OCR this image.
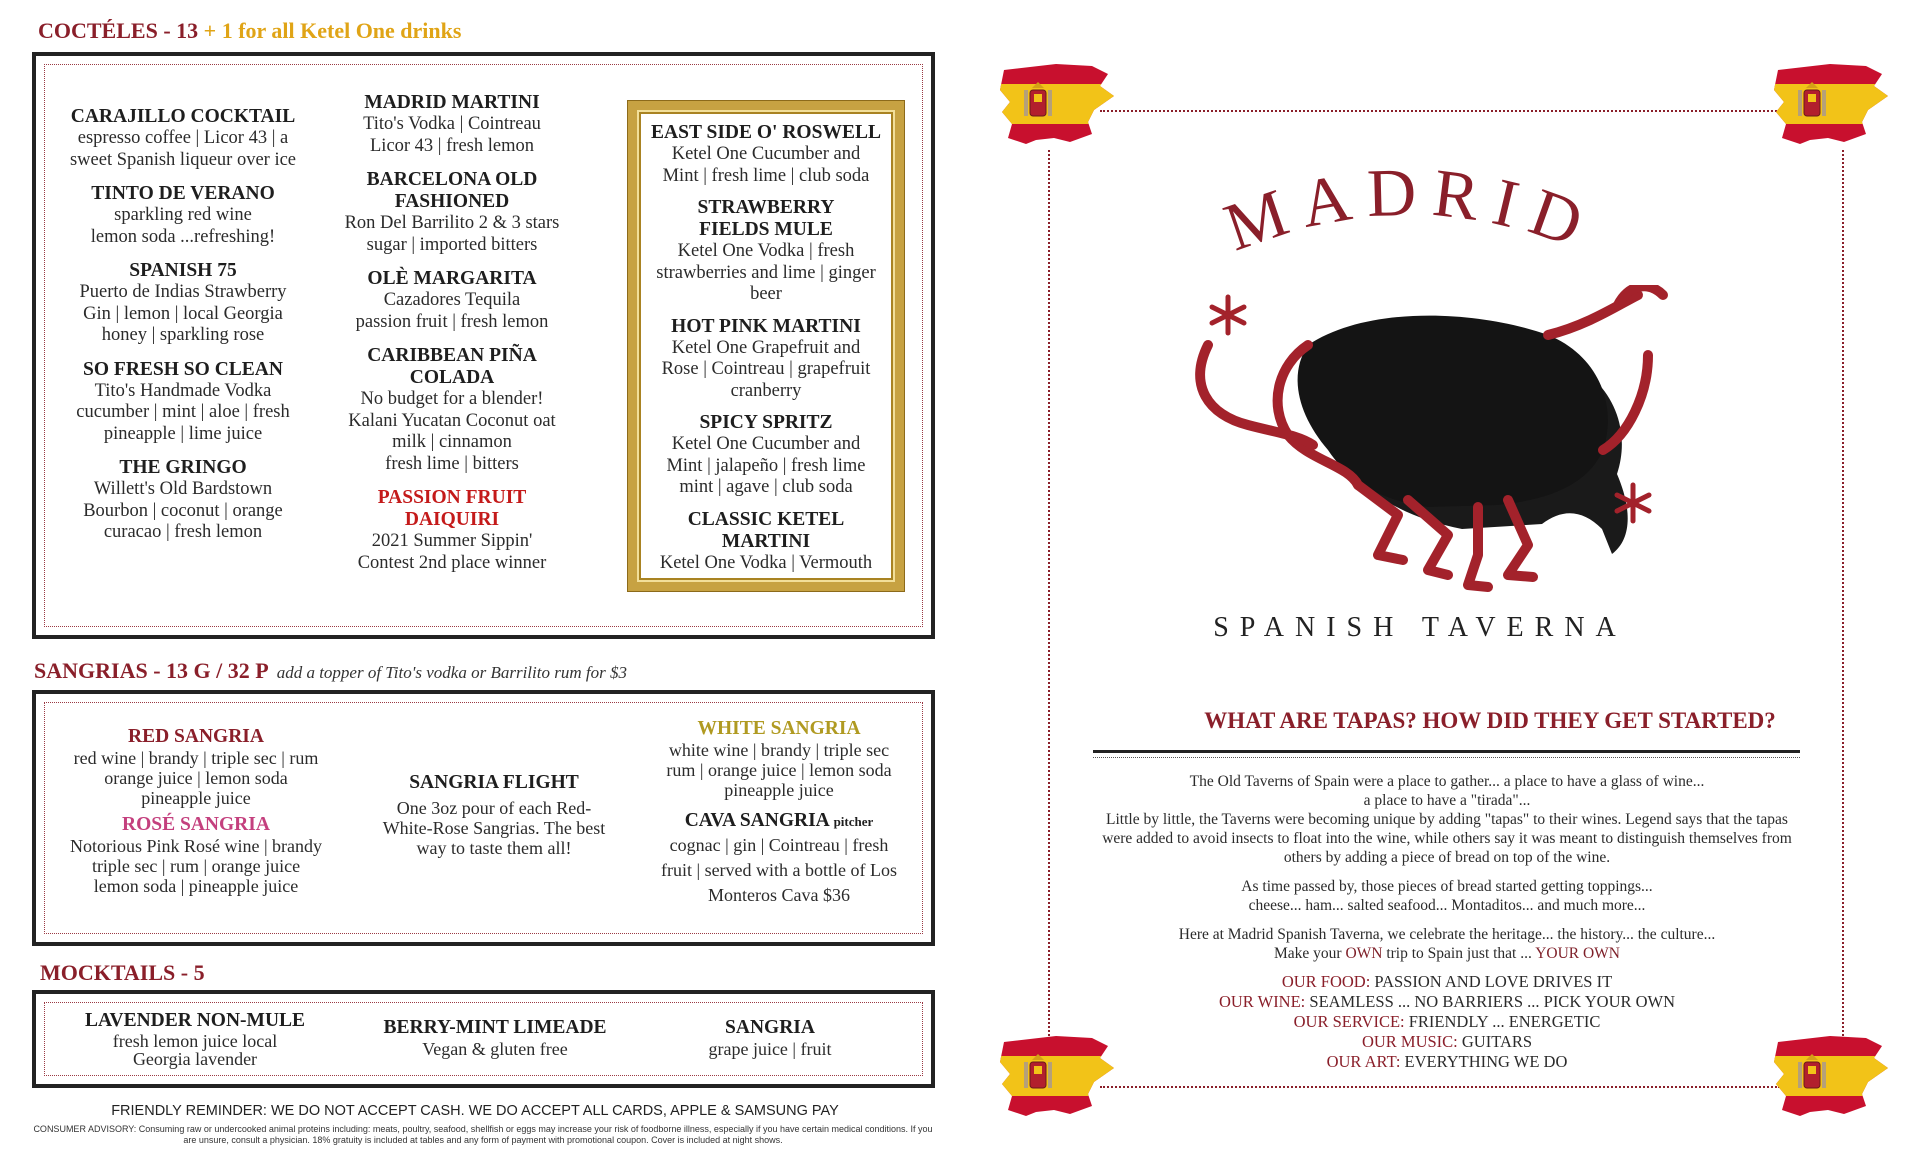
COCTÉLES - 13 + 1 for all Ketel One drinks
CARAJILLO COCKTAIL
espresso coffee | Licor 43 | a
sweet Spanish liqueur over ice
TINTO DE VERANO
sparkling red wine
lemon soda ...refreshing!
SPANISH 75
Puerto de Indias Strawberry
Gin | lemon | local Georgia
honey | sparkling rose
SO FRESH SO CLEAN
Tito's Handmade Vodka
cucumber | mint | aloe | fresh
pineapple | lime juice
THE GRINGO
Willett's Old Bardstown
Bourbon | coconut | orange
curacao | fresh lemon
MADRID MARTINI
Tito's Vodka | Cointreau
Licor 43 | fresh lemon
BARCELONA OLD FASHIONED
Ron Del Barrilito 2 & 3 stars
sugar | imported bitters
OLÈ MARGARITA
Cazadores Tequila
passion fruit | fresh lemon
CARIBBEAN PIÑA COLADA
No budget for a blender!
Kalani Yucatan Coconut oat
milk | cinnamon
fresh lime | bitters
PASSION FRUIT DAIQUIRI
2021 Summer Sippin'
Contest 2nd place winner
EAST SIDE O' ROSWELL
Ketel One Cucumber and
Mint | fresh lime | club soda
STRAWBERRY FIELDS MULE
Ketel One Vodka | fresh
strawberries and lime | ginger
beer
HOT PINK MARTINI
Ketel One Grapefruit and
Rose | Cointreau | grapefruit
cranberry
SPICY SPRITZ
Ketel One Cucumber and
Mint | jalapeño | fresh lime
mint | agave | club soda
CLASSIC KETEL MARTINI
Ketel One Vodka | Vermouth
SANGRIAS - 13 G / 32 P add a topper of Tito's vodka or Barrilito rum for $3
RED SANGRIA
red wine | brandy | triple sec | rum
orange juice | lemon soda
pineapple juice
ROSÉ SANGRIA
Notorious Pink Rosé wine | brandy
triple sec | rum | orange juice
lemon soda | pineapple juice
SANGRIA FLIGHT
One 3oz pour of each Red-
White-Rose Sangrias. The best
way to taste them all!
WHITE SANGRIA
white wine | brandy | triple sec
rum | orange juice | lemon soda
pineapple juice
CAVA SANGRIA pitcher
cognac | gin | Cointreau | fresh
fruit | served with a bottle of Los
Monteros Cava $36
MOCKTAILS - 5
LAVENDER NON-MULE
fresh lemon juice local
Georgia lavender
BERRY-MINT LIMEADE
Vegan & gluten free
SANGRIA
grape juice | fruit
FRIENDLY REMINDER: WE DO NOT ACCEPT CASH. WE DO ACCEPT ALL CARDS, APPLE & SAMSUNG PAY
CONSUMER ADVISORY: Consuming raw or undercooked animal proteins including: meats, poultry, seafood, shellfish or eggs may increase your risk of foodborne illness, especially if you have certain medical conditions. If you are unsure, consult a physician. 18% gratuity is included at tables and any form of payment with promotional coupon. Cover is included at night shows.
MADRID
SPANISH TAVERNA
WHAT ARE TAPAS? HOW DID THEY GET STARTED?

The Old Taverns of Spain were a place to gather... a place to have a glass of wine...
a place to have a "tirada"...
Little by little, the Taverns were becoming unique by adding "tapas" to their wines. Legend says that the tapas
were added to avoid insects to float into the wine, while others say it was meant to distinguish themselves from
others by adding a piece of bread on top of the wine.

As time passed by, those pieces of bread started getting toppings...
cheese... ham... salted seafood... Montaditos... and much more...

Here at Madrid Spanish Taverna, we celebrate the heritage... the history... the culture...
Make your OWN trip to Spain just that ... YOUR OWN

OUR FOOD: PASSION AND LOVE DRIVES IT
OUR WINE: SEAMLESS ... NO BARRIERS ... PICK YOUR OWN
OUR SERVICE: FRIENDLY ... ENERGETIC
OUR MUSIC: GUITARS
OUR ART: EVERYTHING WE DO
